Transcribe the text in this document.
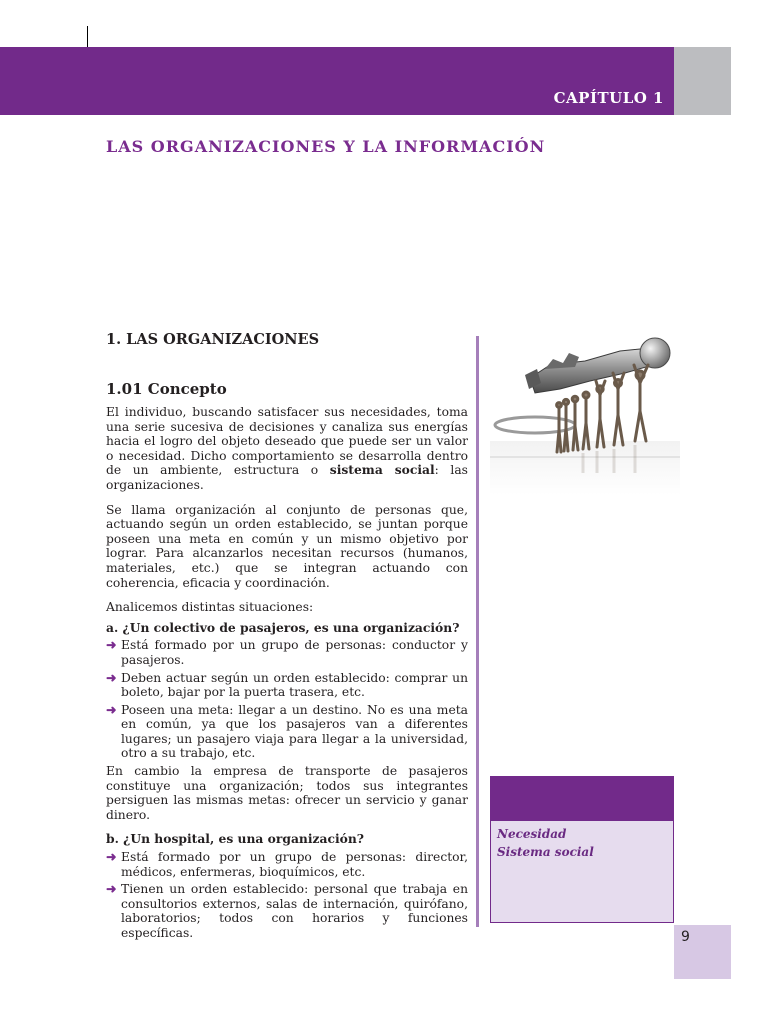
CAPÍTULO 1
LAS ORGANIZACIONES Y LA INFORMACIÓN
1. LAS ORGANIZACIONES
1.01 Concepto

El individuo, buscando satisfacer sus necesidades, toma una serie sucesiva de decisiones y canaliza sus energías hacia el logro del objeto deseado que puede ser un valor o necesidad. Dicho comportamiento se desarrolla dentro de un ambiente, estructura o sistema social: las organizaciones.

Se llama organización al conjunto de personas que, actuando según un orden establecido, se juntan porque poseen una meta en común y un mismo objetivo por lograr. Para alcanzarlos necesitan recursos (humanos, materiales, etc.) que se integran actuando con coherencia, eficacia y coordinación.

Analicemos distintas situaciones:

a. ¿Un colectivo de pasajeros, es una organización?
➜ Está formado por un grupo de personas: conductor y pasajeros.
➜ Deben actuar según un orden establecido: comprar un boleto, bajar por la puerta trasera, etc.
➜ Poseen una meta: llegar a un destino. No es una meta en común, ya que los pasajeros van a diferentes lugares; un pasajero viaja para llegar a la universidad, otro a su trabajo, etc.

En cambio la empresa de transporte de pasajeros constituye una organización; todos sus integrantes persiguen las mismas metas: ofrecer un servicio y ganar dinero.

b. ¿Un hospital, es una organización?
➜ Está formado por un grupo de personas: director, médicos, enfermeras, bioquímicos, etc.
➜ Tienen un orden establecido: personal que trabaja en consultorios externos, salas de internación, quirófano, laboratorios; todos con horarios y funciones específicas.
Necesidad
Sistema social
9
